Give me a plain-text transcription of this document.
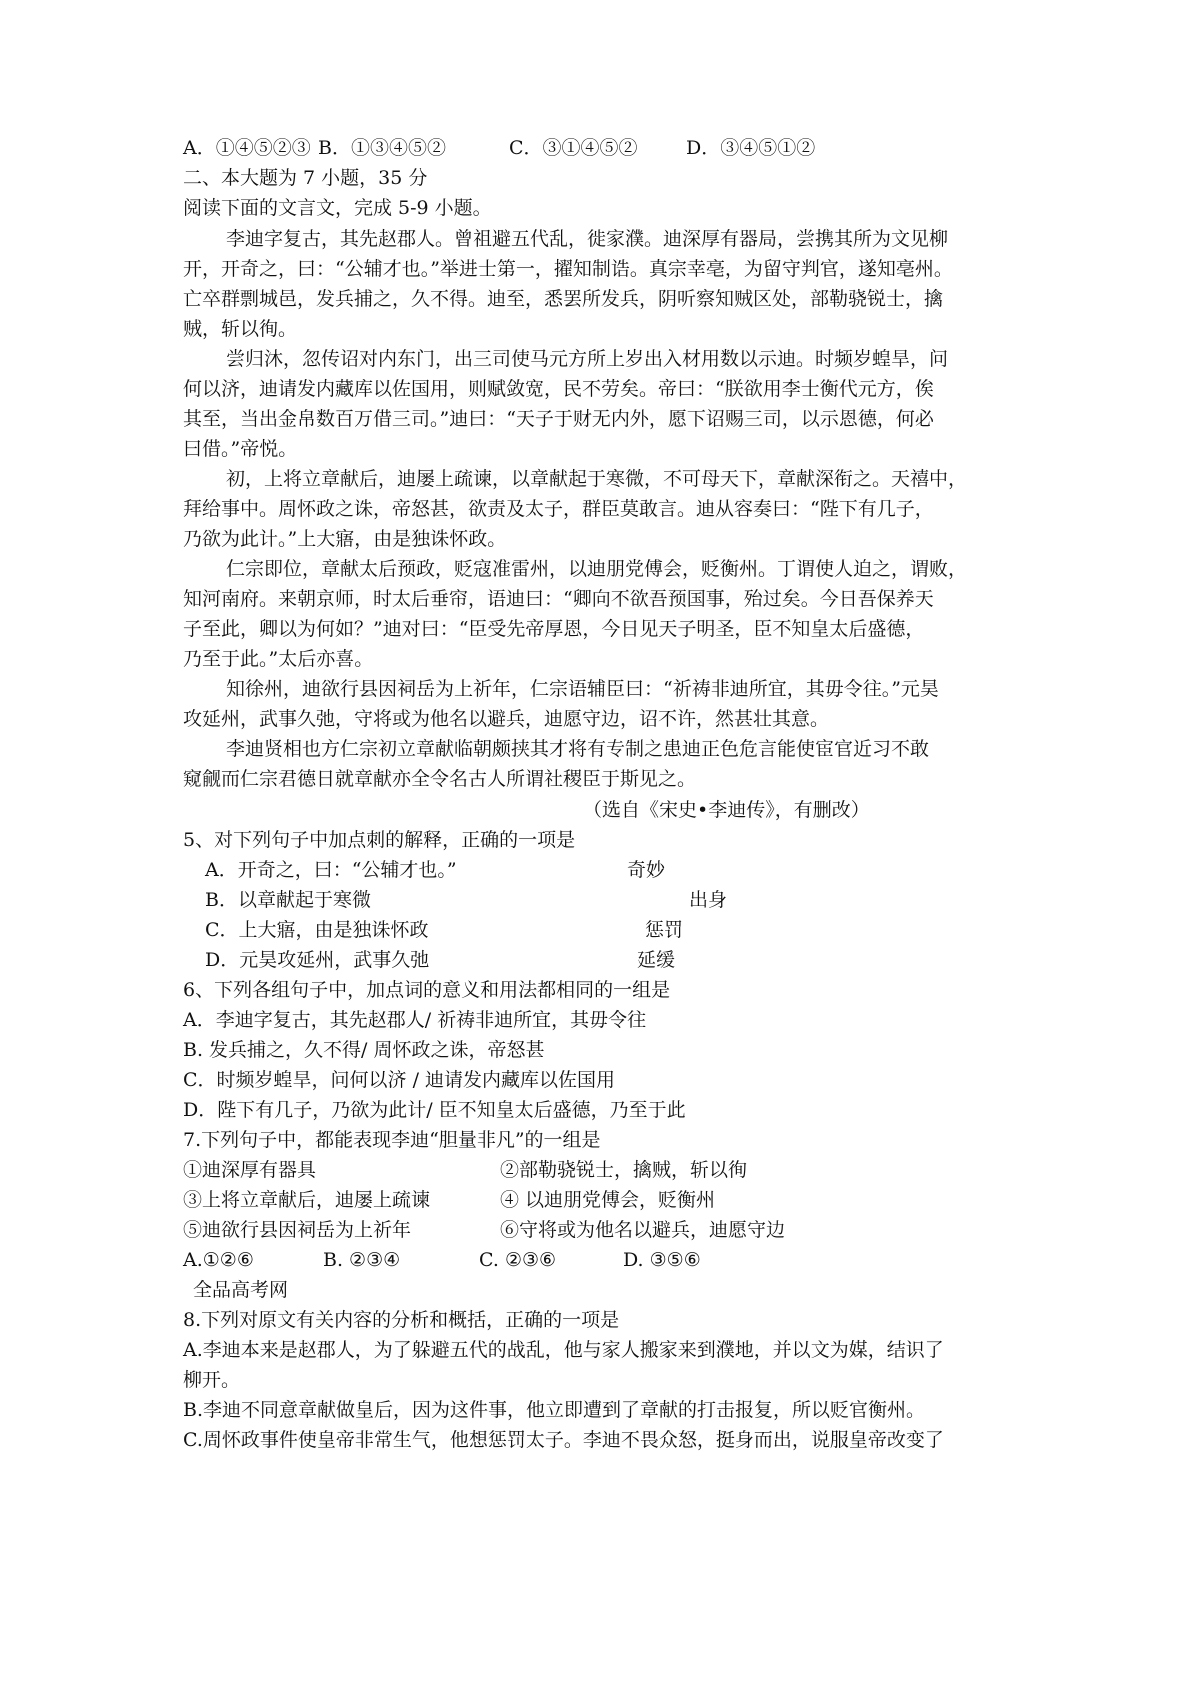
A．①④⑤②③ B．①③④⑤②	C．③①④⑤②	D．③④⑤①②
二、本大题为 7 小题，35 分
阅读下面的文言文，完成 5-9 小题。
李迪字复古，其先赵郡人。曾祖避五代乱，徙家濮。迪深厚有器局，尝携其所为文见柳
开，开奇之，曰：“公辅才也。”举进士第一，擢知制诰。真宗幸亳，为留守判官，遂知亳州。
亡卒群剽城邑，发兵捕之，久不得。迪至，悉罢所发兵，阴听察知贼区处，部勒骁锐士，擒
贼，斩以徇。
尝归沐，忽传诏对内东门，出三司使马元方所上岁出入材用数以示迪。时频岁蝗旱，问
何以济，迪请发内藏库以佐国用，则赋敛宽，民不劳矣。帝曰：“朕欲用李士衡代元方，俟
其至，当出金帛数百万借三司。”迪曰：“天子于财无内外，愿下诏赐三司，以示恩德，何必
曰借。”帝悦。
初，上将立章献后，迪屡上疏谏，以章献起于寒微，不可母天下，章献深衔之。天禧中，
拜给事中。周怀政之诛，帝怒甚，欲责及太子，群臣莫敢言。迪从容奏曰：“陛下有几子，
乃欲为此计。”上大寤，由是独诛怀政。
仁宗即位，章献太后预政，贬寇准雷州，以迪朋党傅会，贬衡州。丁谓使人迫之，谓败，
知河南府。来朝京师，时太后垂帘，语迪曰：“卿向不欲吾预国事，殆过矣。今日吾保养天
子至此，卿以为何如？”迪对曰：“臣受先帝厚恩，今日见天子明圣，臣不知皇太后盛德，
乃至于此。”太后亦喜。
知徐州，迪欲行县因祠岳为上祈年，仁宗语辅臣曰：“祈祷非迪所宜，其毋令往。”元昊
攻延州，武事久弛，守将或为他名以避兵，迪愿守边，诏不许，然甚壮其意。
李迪贤相也方仁宗初立章献临朝颇挟其才将有专制之患迪正色危言能使宦官近习不敢
窥觎而仁宗君德日就章献亦全令名古人所谓社稷臣于斯见之。
（选自《宋史•李迪传》，有删改）
5、对下列句子中加点刺的解释，正确的一项是
A．开奇之，曰：“公辅才也。”	奇妙
B．以章献起于寒微	出身
C．上大寤，由是独诛怀政	惩罚
D．元昊攻延州，武事久弛	延缓
6、下列各组句子中，加点词的意义和用法都相同的一组是
A．李迪字复古，其先赵郡人/ 祈祷非迪所宜，其毋令往
B. 发兵捕之，久不得/ 周怀政之诛，帝怒甚
C．时频岁蝗旱，问何以济 / 迪请发内藏库以佐国用
D．陛下有几子，乃欲为此计/ 臣不知皇太后盛德，乃至于此
7.下列句子中，都能表现李迪“胆量非凡”的一组是
①迪深厚有器具	②部勒骁锐士，擒贼，斩以徇
③上将立章献后，迪屡上疏谏	④ 以迪朋党傅会，贬衡州
⑤迪欲行县因祠岳为上祈年	⑥守将或为他名以避兵，迪愿守边
A.①②⑥	B. ②③④	C. ②③⑥	D. ③⑤⑥
全品高考网
8.下列对原文有关内容的分析和概括，正确的一项是
A.李迪本来是赵郡人，为了躲避五代的战乱，他与家人搬家来到濮地，并以文为媒，结识了
柳开。
B.李迪不同意章献做皇后，因为这件事，他立即遭到了章献的打击报复，所以贬官衡州。
C.周怀政事件使皇帝非常生气，他想惩罚太子。李迪不畏众怒，挺身而出，说服皇帝改变了
